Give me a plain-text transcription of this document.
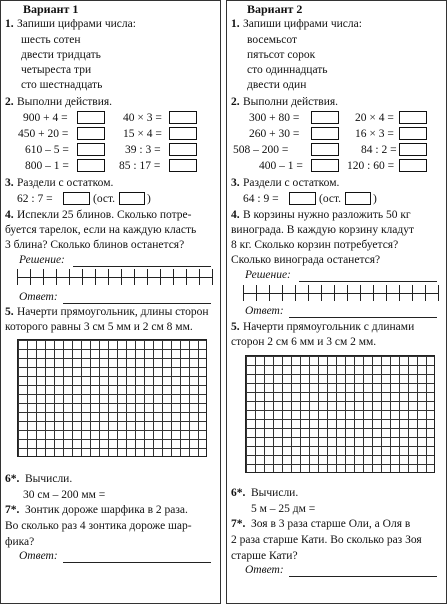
Вариант 1
1. Запиши цифрами числа:
шесть сотен
двести тридцать
четыреста три
сто шестнадцать
2. Выполни действия.
900 + 4 =	40 × 3 =
450 + 20 =	15 × 4 =
610 – 5 =	39 : 3 =
800 – 1 =	85 : 17 =
3. Раздели с остатком.
62 : 7 =	(ост.	)
4. Испекли 25 блинов. Сколько потре-
буется тарелок, если на каждую класть
3 блина? Сколько блинов останется?
Решение:
Ответ:
5. Начерти прямоугольник, длины сторон
которого равны 3 см 5 мм и 2 см 8 мм.
6*. Вычисли.
30 см – 200 мм =
7*. Зонтик дороже шарфика в 2 раза.
Во сколько раз 4 зонтика дороже шар-
фика?
Ответ:
Вариант 2
1. Запиши цифрами числа:
восемьсот
пятьсот сорок
сто одиннадцать
двести один
2. Выполни действия.
300 + 80 =	20 × 4 =
260 + 30 =	16 × 3 =
508 – 200 =	84 : 2 =
400 – 1 =	120 : 60 =
3. Раздели с остатком.
64 : 9 =	(ост.	)
4. В корзины нужно разложить 50 кг
винограда. В каждую корзину кладут
8 кг. Сколько корзин потребуется?
Сколько винограда останется?
Решение:
Ответ:
5. Начерти прямоугольник с длинами
сторон 2 см 6 мм и 3 см 2 мм.
6*. Вычисли.
5 м – 25 дм =
7*. Зоя в 3 раза старше Оли, а Оля в
2 раза старше Кати. Во сколько раз Зоя
старше Кати?
Ответ:
